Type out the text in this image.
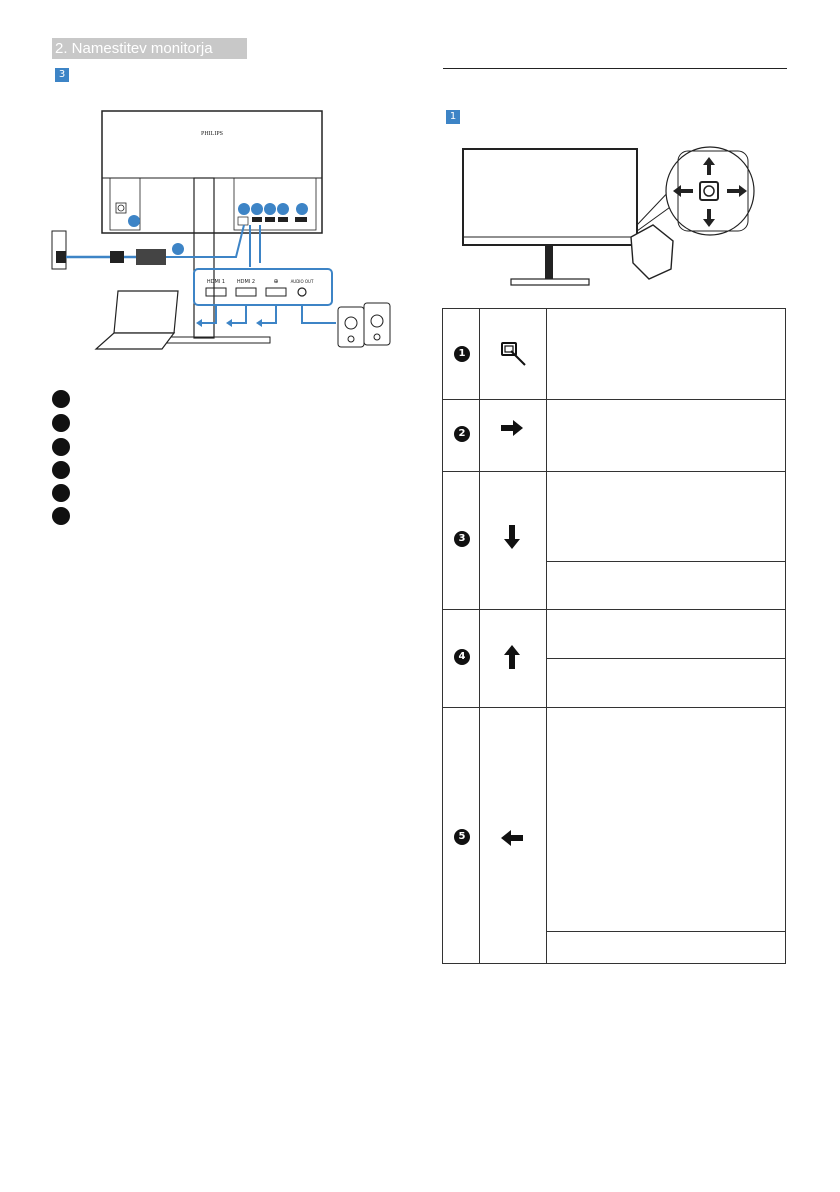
2. Namestitev monitorja
3
PHILIPS
HDMI 1 HDMI 2	⊕	AUDIO OUT
1
1
2
3
4
5
